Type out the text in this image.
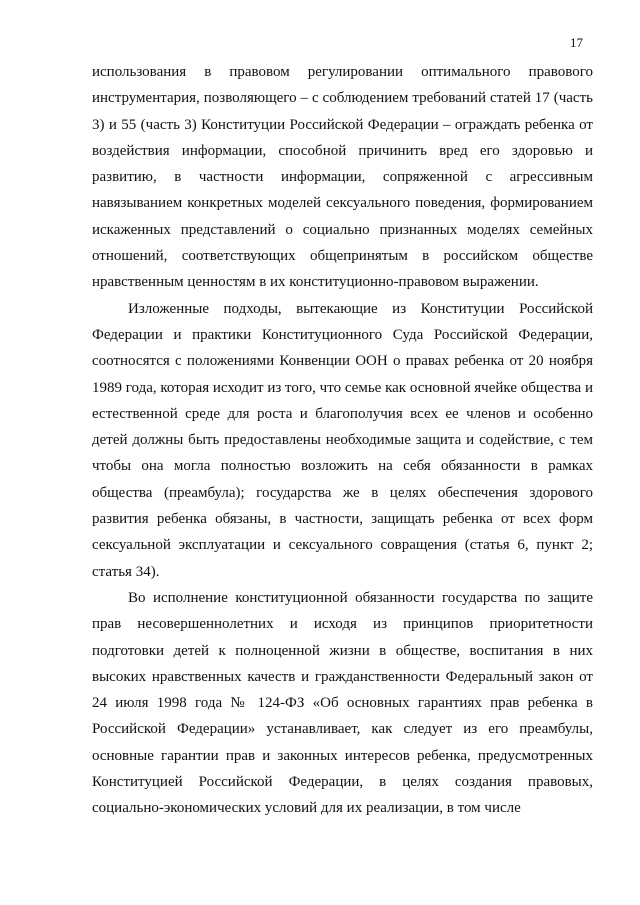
17

использования в правовом регулировании оптимального правового инструментария, позволяющего – с соблюдением требований статей 17 (часть 3) и 55 (часть 3) Конституции Российской Федерации – ограждать ребенка от воздействия информации, способной причинить вред его здоровью и развитию, в частности информации, сопряженной с агрессивным навязыванием конкретных моделей сексуального поведения, формированием искаженных представлений о социально признанных моделях семейных отношений, соответствующих общепринятым в российском обществе нравственным ценностям в их конституционно-правовом выражении.

Изложенные подходы, вытекающие из Конституции Российской Федерации и практики Конституционного Суда Российской Федерации, соотносятся с положениями Конвенции ООН о правах ребенка от 20 ноября 1989 года, которая исходит из того, что семье как основной ячейке общества и естественной среде для роста и благополучия всех ее членов и особенно детей должны быть предоставлены необходимые защита и содействие, с тем чтобы она могла полностью возложить на себя обязанности в рамках общества (преамбула); государства же в целях обеспечения здорового развития ребенка обязаны, в частности, защищать ребенка от всех форм сексуальной эксплуатации и сексуального совращения (статья 6, пункт 2; статья 34).

Во исполнение конституционной обязанности государства по защите прав несовершеннолетних и исходя из принципов приоритетности подготовки детей к полноценной жизни в обществе, воспитания в них высоких нравственных качеств и гражданственности Федеральный закон от 24 июля 1998 года № 124-ФЗ «Об основных гарантиях прав ребенка в Российской Федерации» устанавливает, как следует из его преамбулы, основные гарантии прав и законных интересов ребенка, предусмотренных Конституцией Российской Федерации, в целях создания правовых, социально-экономических условий для их реализации, в том числе
